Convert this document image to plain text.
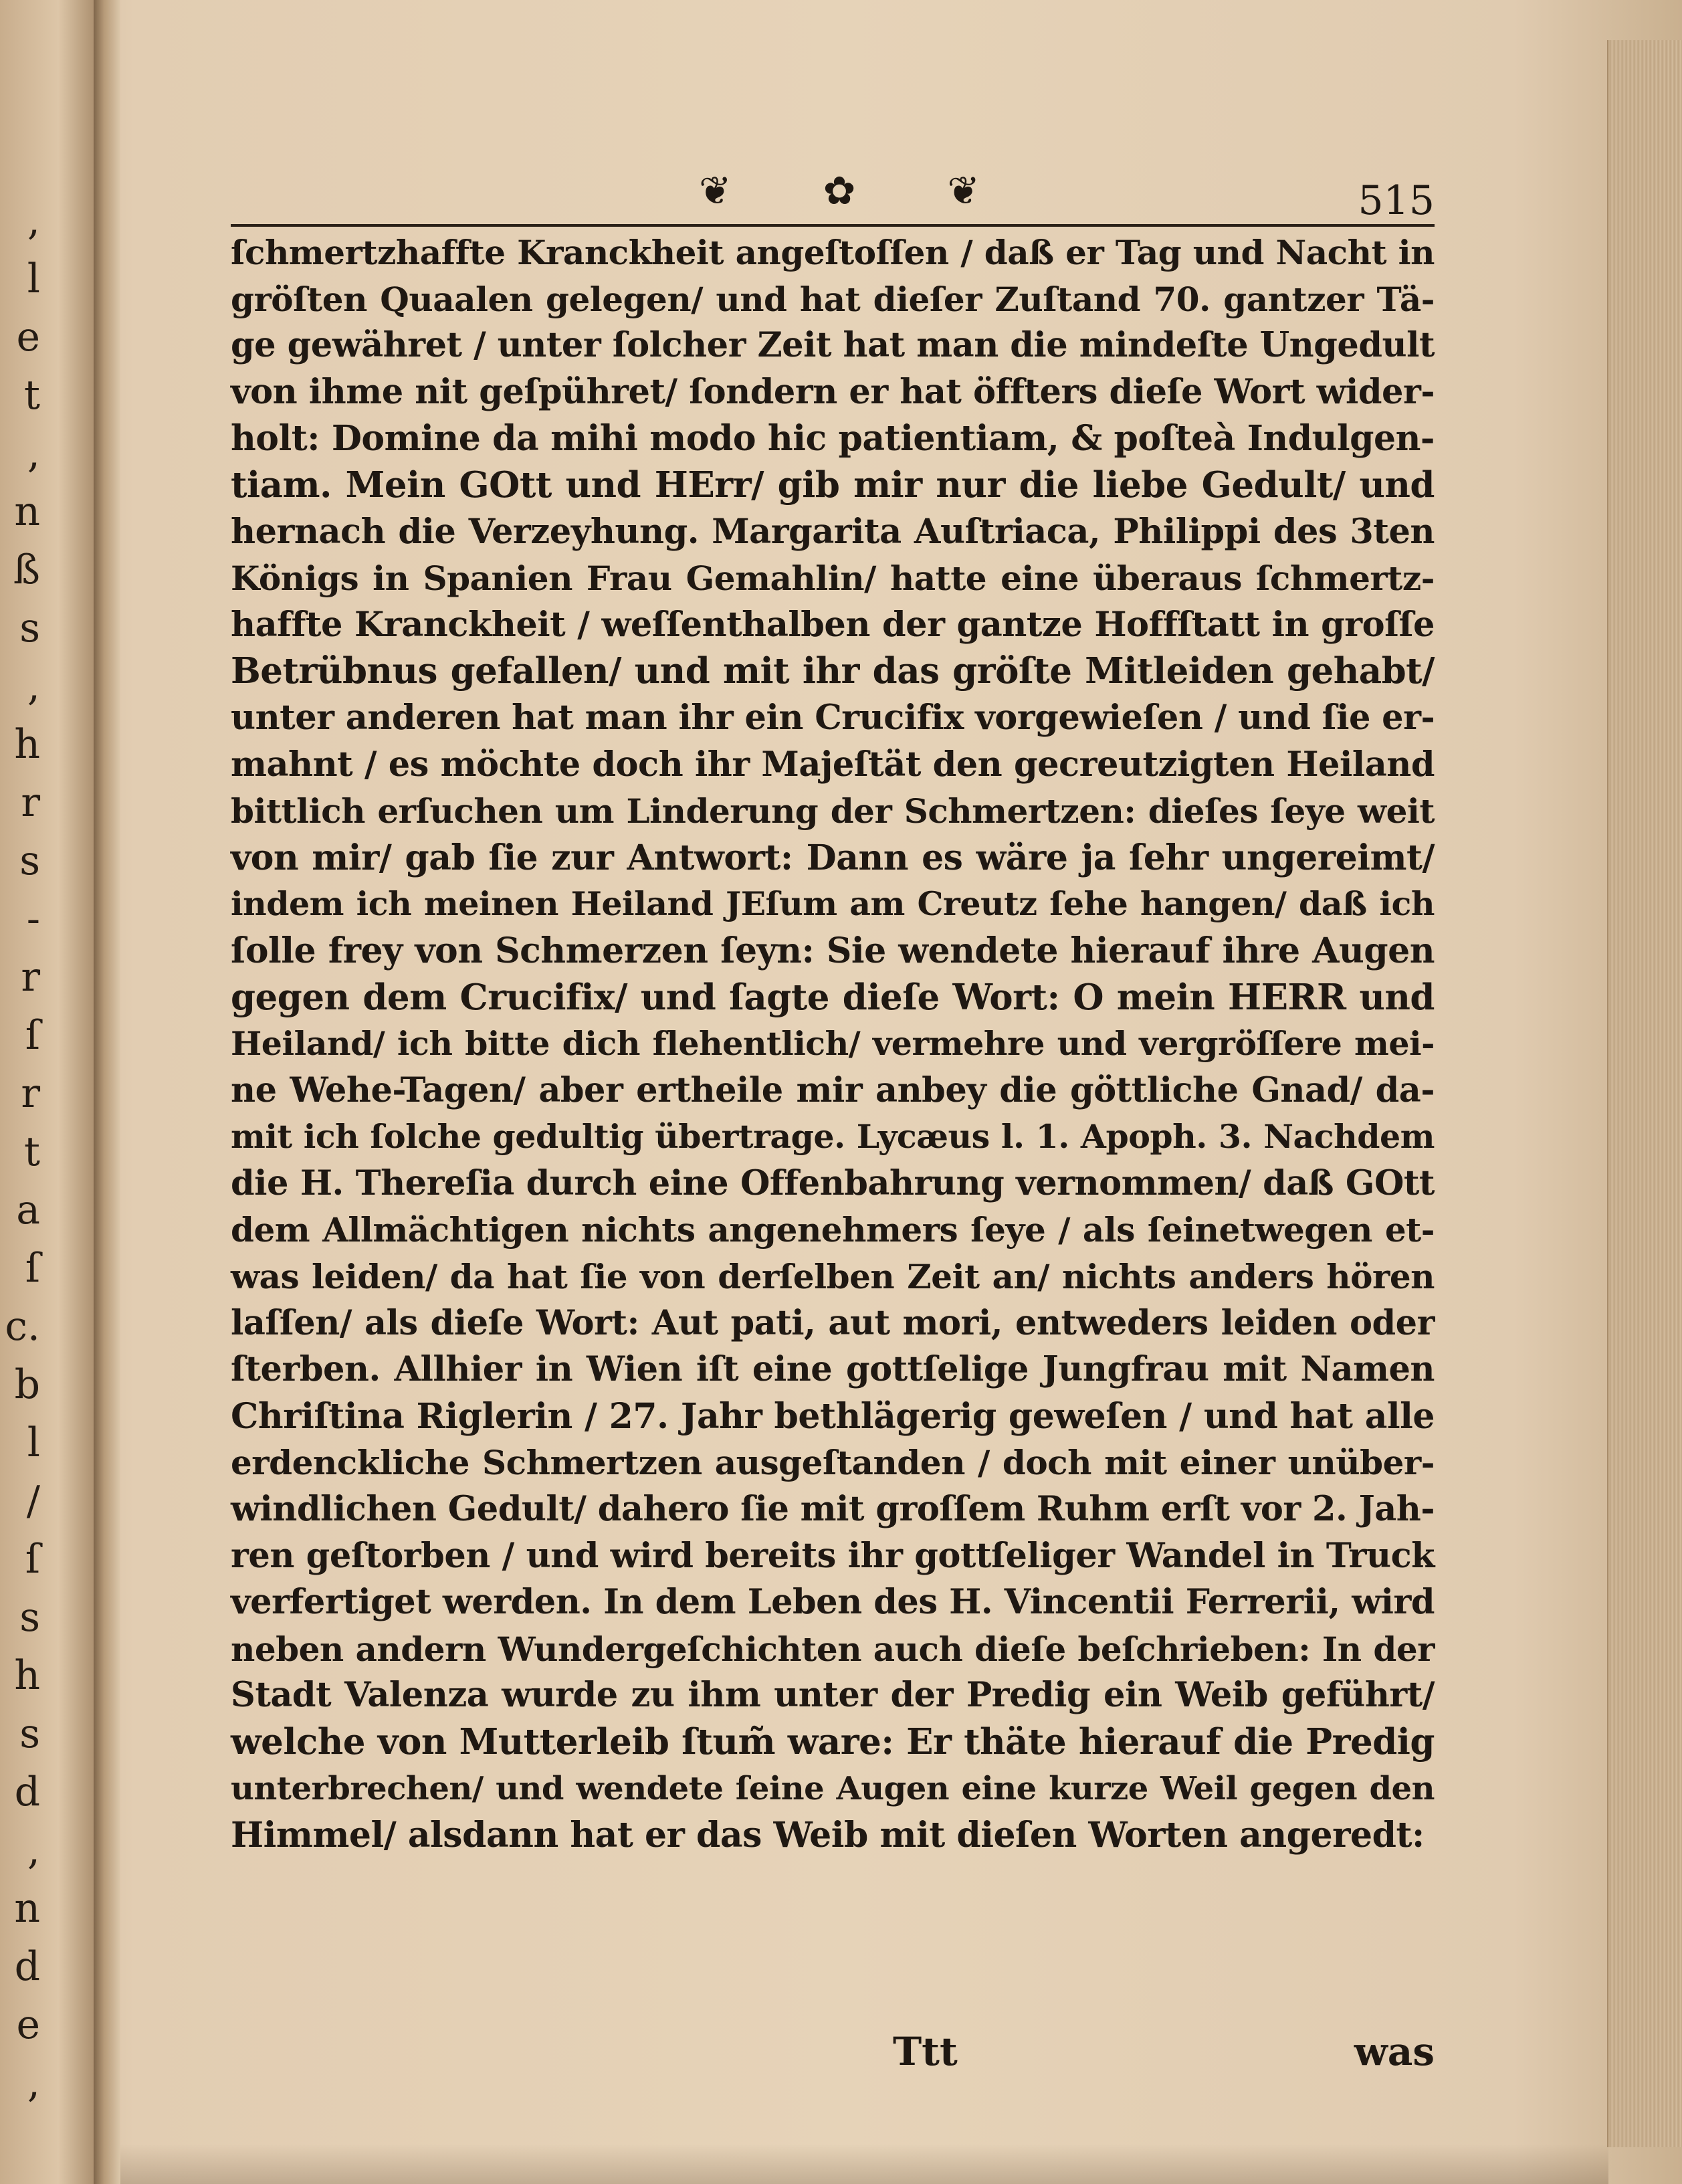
,
l
e
t
,
n
ß
s
,
h
r
s
-
r
ſ
r
t
a
ſ
c.
b
l
/
ſ
s
h
s
d
,
n
d
e
,
❦ ✿ ❦	515
ſchmertzhaffte Kranckheit angeſtoſſen / daß er Tag und Nacht in
gröſten Quaalen gelegen/ und hat dieſer Zuſtand 70. gantzer Tä-
ge gewähret / unter ſolcher Zeit hat man die mindeſte Ungedult
von ihme nit geſpühret/ ſondern er hat öffters dieſe Wort wider-
holt: Domine da mihi modo hic patientiam, & poſteà Indulgen-
tiam. Mein GOtt und HErr/ gib mir nur die liebe Gedult/ und
hernach die Verzeyhung. Margarita Auſtriaca, Philippi des 3ten
Königs in Spanien Frau Gemahlin/ hatte eine überaus ſchmertz-
haffte Kranckheit / weſſenthalben der gantze Hoffſtatt in groſſe
Betrübnus gefallen/ und mit ihr das gröſte Mitleiden gehabt/
unter anderen hat man ihr ein Crucifix vorgewieſen / und ſie er-
mahnt / es möchte doch ihr Majeſtät den gecreutzigten Heiland
bittlich erſuchen um Linderung der Schmertzen: dieſes ſeye weit
von mir/ gab ſie zur Antwort: Dann es wäre ja ſehr ungereimt/
indem ich meinen Heiland JEſum am Creutz ſehe hangen/ daß ich
ſolle frey von Schmerzen ſeyn: Sie wendete hierauf ihre Augen
gegen dem Crucifix/ und ſagte dieſe Wort: O mein HERR und
Heiland/ ich bitte dich flehentlich/ vermehre und vergröſſere mei-
ne Wehe-Tagen/ aber ertheile mir anbey die göttliche Gnad/ da-
mit ich ſolche gedultig übertrage. Lycæus l. 1. Apoph. 3. Nachdem
die H. Thereſia durch eine Offenbahrung vernommen/ daß GOtt
dem Allmächtigen nichts angenehmers ſeye / als ſeinetwegen et-
was leiden/ da hat ſie von derſelben Zeit an/ nichts anders hören
laſſen/ als dieſe Wort: Aut pati, aut mori, entweders leiden oder
ſterben. Allhier in Wien iſt eine gottſelige Jungfrau mit Namen
Chriſtina Riglerin / 27. Jahr bethlägerig geweſen / und hat alle
erdenckliche Schmertzen ausgeſtanden / doch mit einer unüber-
windlichen Gedult/ dahero ſie mit groſſem Ruhm erſt vor 2. Jah-
ren geſtorben / und wird bereits ihr gottſeliger Wandel in Truck
verfertiget werden. In dem Leben des H. Vincentii Ferrerii, wird
neben andern Wundergeſchichten auch dieſe beſchrieben: In der
Stadt Valenza wurde zu ihm unter der Predig ein Weib geführt/
welche von Mutterleib ſtum̃ ware: Er thäte hierauf die Predig
unterbrechen/ und wendete ſeine Augen eine kurze Weil gegen den
Himmel/ alsdann hat er das Weib mit dieſen Worten angeredt:
Ttt	was
